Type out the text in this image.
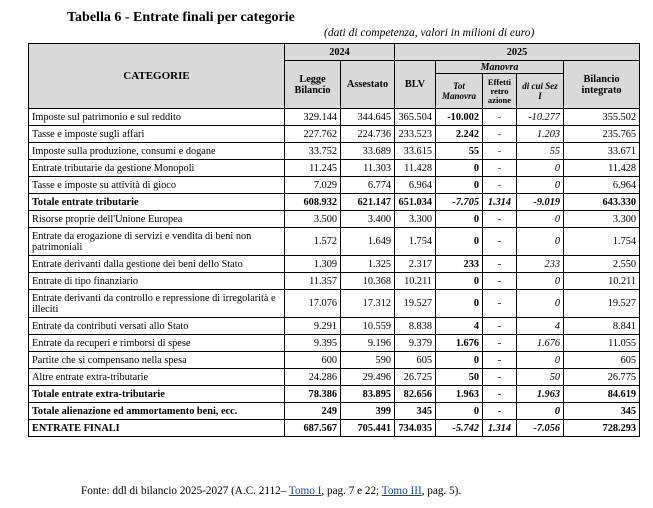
Tabella 6 - Entrate finali per categorie
(dati di competenza, valori in milioni di euro)
CATEGORIE	2024		2025				
	Legge Bilancio	Assestato	BLV	Manovra			Bilancio integrato
				Tot Manovra	Effetti retro azione	di cui Sez I	
Imposte sul patrimonio e sul reddito	329.144	344.645	365.504	-10.002	-	-10.277	355.502
Tasse e imposte sugli affari	227.762	224.736	233.523	2.242	-	1.203	235.765
Imposte sulla produzione, consumi e dogane	33.752	33.689	33.615	55	-	55	33.671
Entrate tributarie da gestione Monopoli	11.245	11.303	11.428	0	-	0	11.428
Tasse e imposte su attività di gioco	7.029	6.774	6.964	0	-	0	6.964
Totale entrate tributarie	608.932	621.147	651.034	-7.705	1.314	-9.019	643.330
Risorse proprie dell'Unione Europea	3.500	3.400	3.300	0	-	0	3.300
Entrate da erogazione di servizi e vendita di beni non patrimoniali	1.572	1.649	1.754	0	-	0	1.754
Entrate derivanti dalla gestione dei beni dello Stato	1.309	1.325	2.317	233	-	233	2.550
Entrate di tipo finanziario	11.357	10.368	10.211	0	-	0	10.211
Entrate derivanti da controllo e repressione di irregolarità e illeciti	17.076	17.312	19.527	0	-	0	19.527
Entrate da contributi versati allo Stato	9.291	10.559	8.838	4	-	4	8.841
Entrate da recuperi e rimborsi di spese	9.395	9.196	9.379	1.676	-	1.676	11.055
Partite che si compensano nella spesa	600	590	605	0	-	0	605
Altre entrate extra-tributarie	24.286	29.496	26.725	50	-	50	26.775
Totale entrate extra-tributarie	78.386	83.895	82.656	1.963	-	1.963	84.619
Totale alienazione ed ammortamento beni, ecc.	249	399	345	0	-	0	345
ENTRATE FINALI	687.567	705.441	734.035	-5.742	1.314	-7.056	728.293
Fonte: ddl di bilancio 2025-2027 (A.C. 2112– Tomo I, pag. 7 e 22; Tomo III, pag. 5).
